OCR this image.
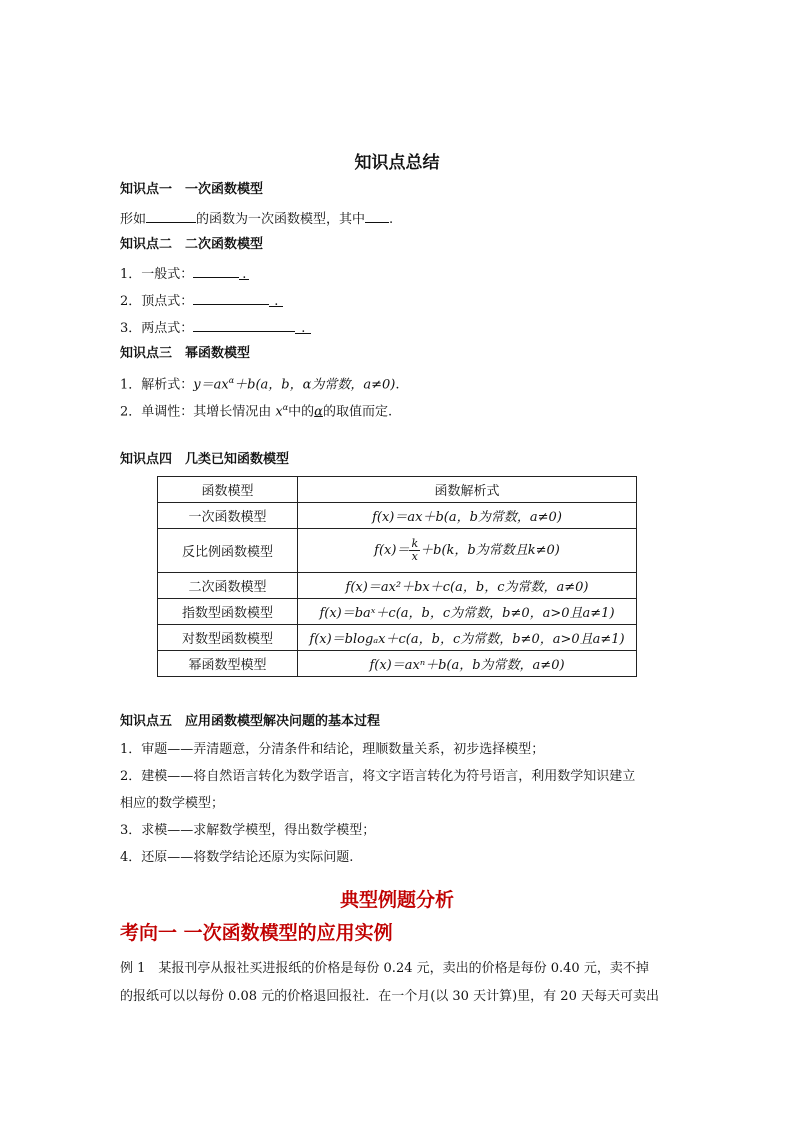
知识点总结
知识点一　一次函数模型
形如	的函数为一次函数模型，其中 .
知识点二　二次函数模型
1．一般式：	.
2．顶点式：	.
3．两点式：	.
知识点三　幂函数模型
1．解析式：$y=ax^\alpha+b(a$，b，α为常数，a≠0).
2．单调性：其增长情况由 $x^\alpha$中的α的取值而定.
知识点四　几类已知函数模型
函数模型	函数解析式
一次函数模型	f(x)＝ax＋b(a，b为常数，a≠0)
反比例函数模型	$f(x)= \frac{k}{x} +b(k$，b为常数且k≠0)
二次函数模型	f(x)＝ax²＋bx＋c(a，b，c为常数，a≠0)
指数型函数模型	f(x)＝baˣ＋c(a，b，c为常数，b≠0，a>0且a≠1)
对数型函数模型	f(x)＝blogₐx＋c(a，b，c为常数，b≠0，a>0且a≠1)
幂函数型模型	f(x)＝axⁿ＋b(a，b为常数，a≠0)
知识点五　应用函数模型解决问题的基本过程
1．审题——弄清题意，分清条件和结论，理顺数量关系，初步选择模型；
2．建模——将自然语言转化为数学语言，将文字语言转化为符号语言，利用数学知识建立
相应的数学模型；
3．求模——求解数学模型，得出数学模型；
4．还原——将数学结论还原为实际问题.
典型例题分析
考向一 一次函数模型的应用实例
例 1　某报刊亭从报社买进报纸的价格是每份 0.24 元，卖出的价格是每份 0.40 元，卖不掉
的报纸可以以每份 0.08 元的价格退回报社．在一个月(以 30 天计算)里，有 20 天每天可卖出
